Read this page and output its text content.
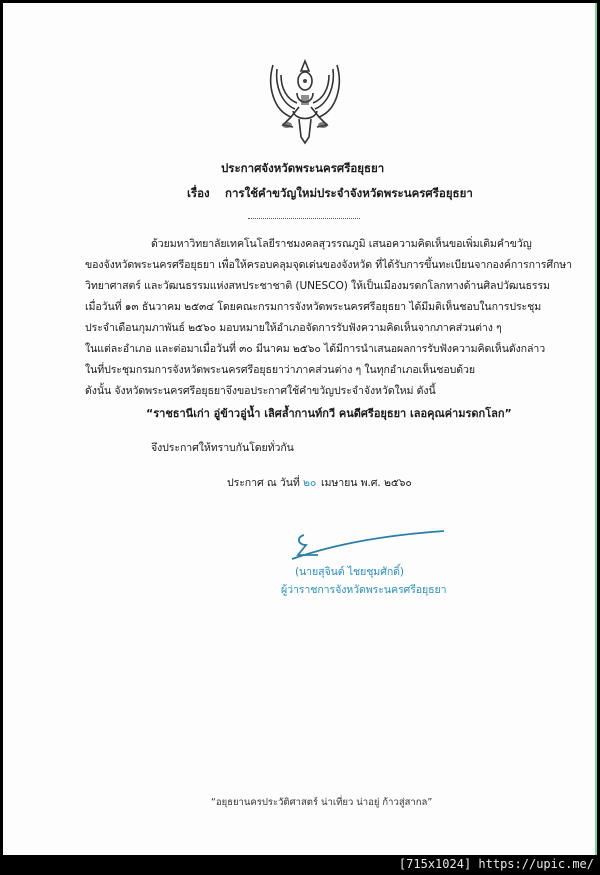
ประกาศจังหวัดพระนครศรีอยุธยา
เรื่อง การใช้คำขวัญใหม่ประจำจังหวัดพระนครศรีอยุธยา
ด้วยมหาวิทยาลัยเทคโนโลยีราชมงคลสุวรรณภูมิ เสนอความคิดเห็นขอเพิ่มเติมคำขวัญ
ของจังหวัดพระนครศรีอยุธยา เพื่อให้ครอบคลุมจุดเด่นของจังหวัด ที่ได้รับการขึ้นทะเบียนจากองค์การการศึกษา
วิทยาศาสตร์ และวัฒนธรรมแห่งสหประชาชาติ (UNESCO) ให้เป็นเมืองมรดกโลกทางด้านศิลปวัฒนธรรม
เมื่อวันที่ ๑๓ ธันวาคม ๒๕๓๔ โดยคณะกรมการจังหวัดพระนครศรีอยุธยา ได้มีมติเห็นชอบในการประชุม
ประจำเดือนกุมภาพันธ์ ๒๕๖๐ มอบหมายให้อำเภอจัดการรับฟังความคิดเห็นจากภาคส่วนต่าง ๆ
ในแต่ละอำเภอ และต่อมาเมื่อวันที่ ๓๐ มีนาคม ๒๕๖๐ ได้มีการนำเสนอผลการรับฟังความคิดเห็นดังกล่าว
ในที่ประชุมกรมการจังหวัดพระนครศรีอยุธยาว่าภาคส่วนต่าง ๆ ในทุกอำเภอเห็นชอบด้วย
ดังนั้น จังหวัดพระนครศรีอยุธยาจึงขอประกาศใช้คำขวัญประจำจังหวัดใหม่ ดังนี้
“ราชธานีเก่า อู่ข้าวอู่น้ำ เลิศล้ำกานท์กวี คนดีศรีอยุธยา เลอคุณค่ามรดกโลก”
จึงประกาศให้ทราบกันโดยทั่วกัน
ประกาศ ณ วันที่ ๒๐ เมษายน พ.ศ. ๒๕๖๐
(นายสุจินต์ ไชยชุมศักดิ์)
ผู้ว่าราชการจังหวัดพระนครศรีอยุธยา
“อยุธยานครประวัติศาสตร์ น่าเที่ยว น่าอยู่ ก้าวสู่สากล”
[715x1024] https://upic.me/
